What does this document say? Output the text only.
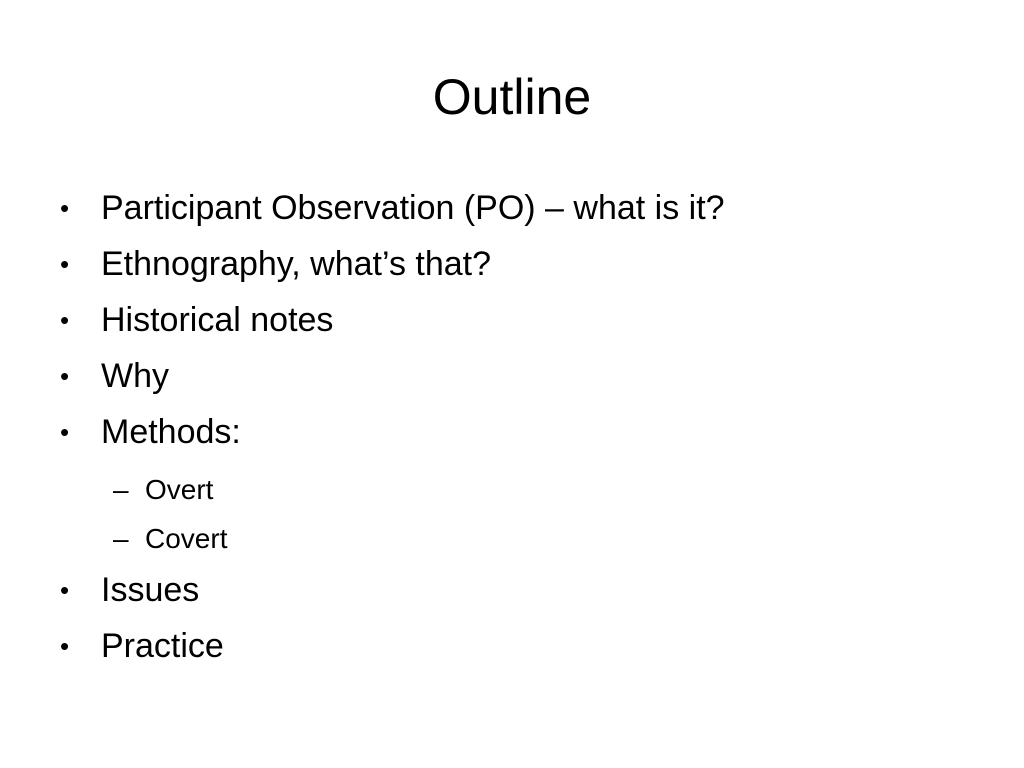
Outline
• Participant Observation (PO) – what is it?
• Ethnography, what’s that?
• Historical notes
• Why
• Methods:
– Overt
– Covert
• Issues
• Practice
